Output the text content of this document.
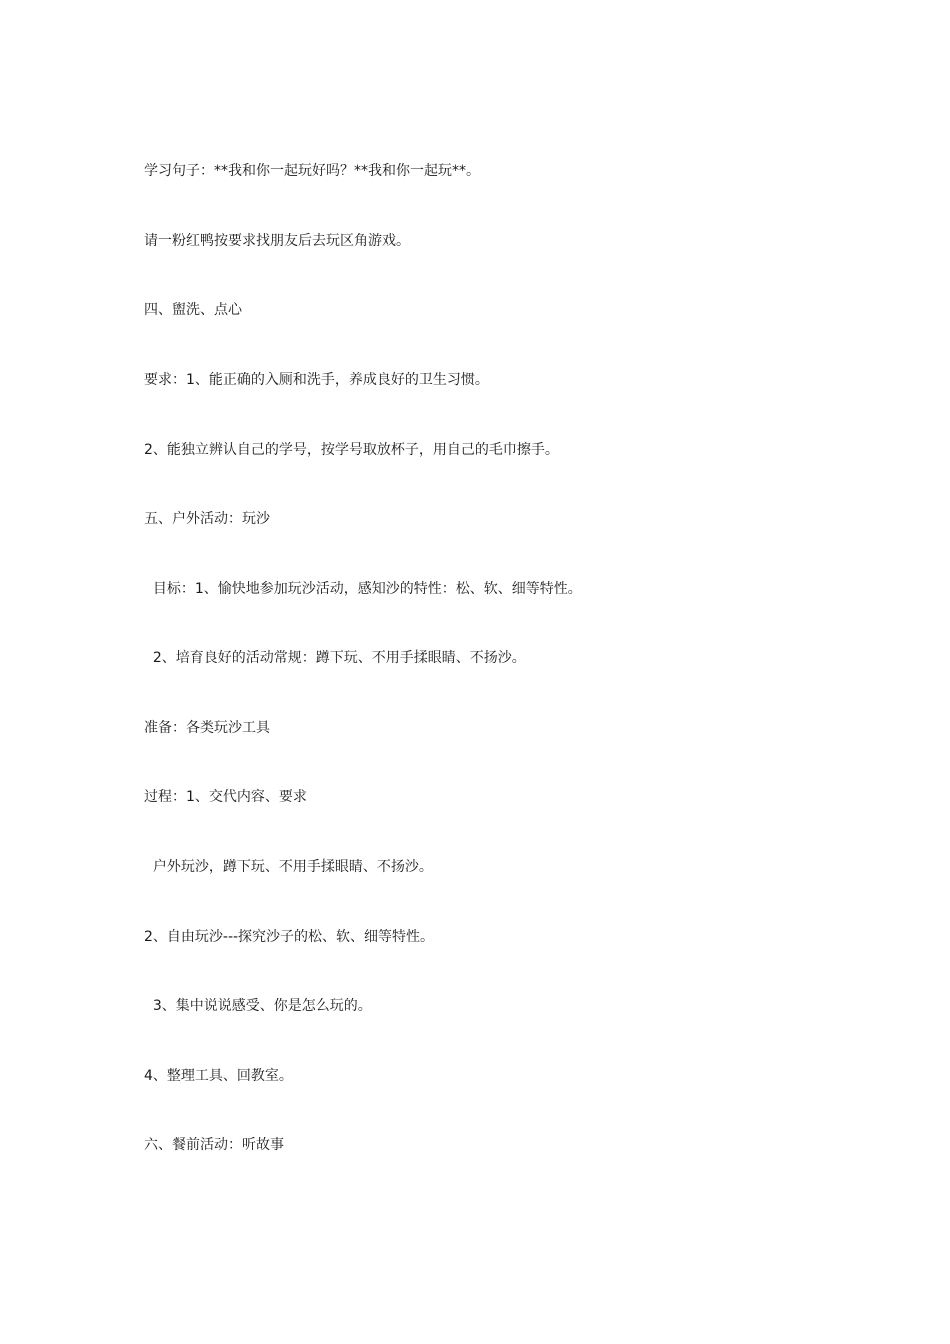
学习句子：**我和你一起玩好吗？**我和你一起玩**。
请一粉红鸭按要求找朋友后去玩区角游戏。
四、盥洗、点心
要求：1、能正确的入厕和洗手，养成良好的卫生习惯。
2、能独立辨认自己的学号，按学号取放杯子，用自己的毛巾擦手。
五、户外活动：玩沙
目标：1、愉快地参加玩沙活动，感知沙的特性：松、软、细等特性。
2、培育良好的活动常规：蹲下玩、不用手揉眼睛、不扬沙。
准备：各类玩沙工具
过程：1、交代内容、要求
户外玩沙，蹲下玩、不用手揉眼睛、不扬沙。
2、自由玩沙---探究沙子的松、软、细等特性。
3、集中说说感受、你是怎么玩的。
4、整理工具、回教室。
六、餐前活动：听故事
